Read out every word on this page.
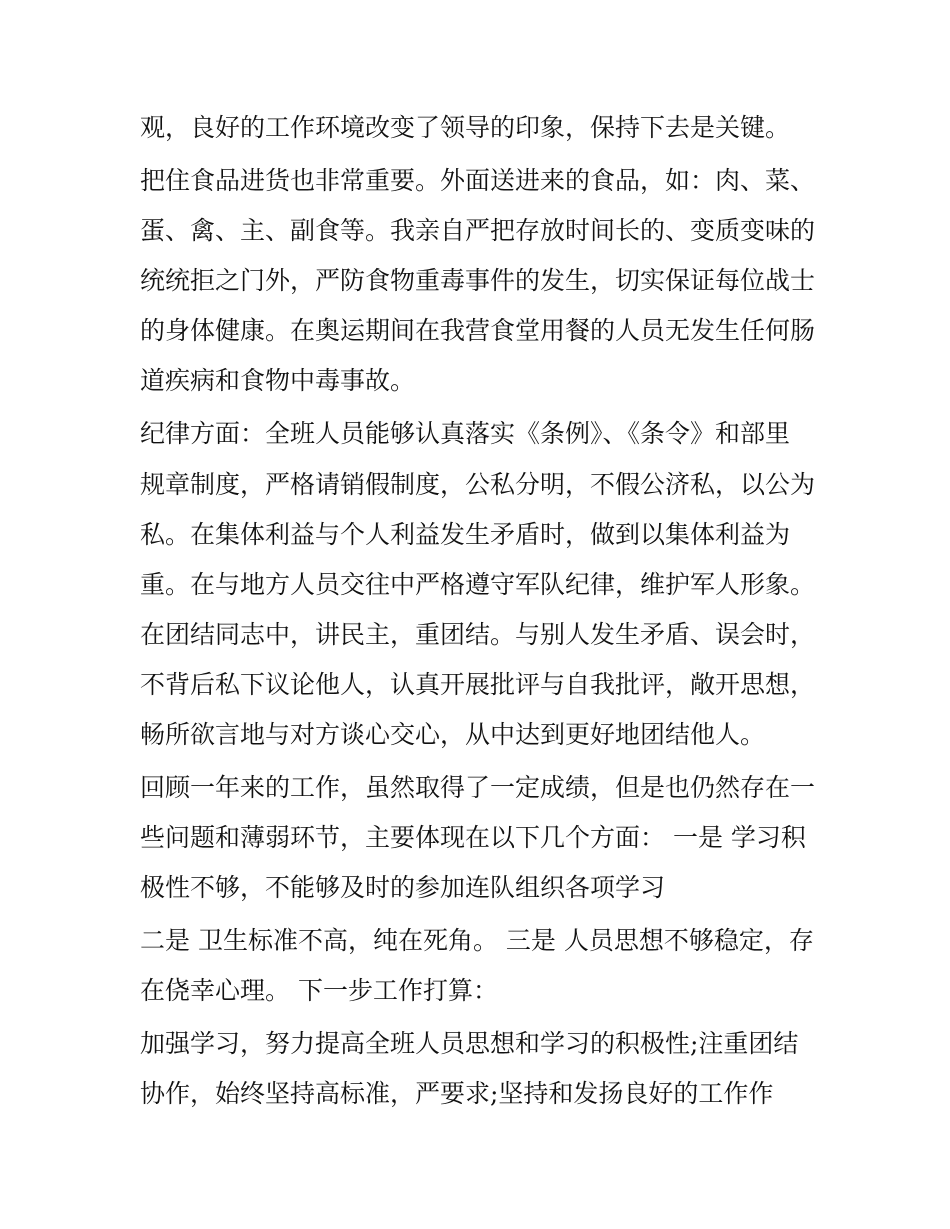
观，良好的工作环境改变了领导的印象，保持下去是关键。
把住食品进货也非常重要。外面送进来的食品，如：肉、菜、
蛋、禽、主、副食等。我亲自严把存放时间长的、变质变味的
统统拒之门外，严防食物重毒事件的发生，切实保证每位战士
的身体健康。在奥运期间在我营食堂用餐的人员无发生任何肠
道疾病和食物中毒事故。
纪律方面：全班人员能够认真落实《条例》、《条令》和部里
规章制度，严格请销假制度，公私分明，不假公济私，以公为
私。在集体利益与个人利益发生矛盾时，做到以集体利益为
重。在与地方人员交往中严格遵守军队纪律，维护军人形象。
在团结同志中，讲民主，重团结。与别人发生矛盾、误会时，
不背后私下议论他人，认真开展批评与自我批评，敞开思想，
畅所欲言地与对方谈心交心，从中达到更好地团结他人。
回顾一年来的工作，虽然取得了一定成绩，但是也仍然存在一
些问题和薄弱环节，主要体现在以下几个方面： 一是 学习积
极性不够，不能够及时的参加连队组织各项学习
二是 卫生标准不高，纯在死角。 三是 人员思想不够稳定，存
在侥幸心理。 下一步工作打算：
加强学习，努力提高全班人员思想和学习的积极性;注重团结
协作，始终坚持高标准，严要求;坚持和发扬良好的工作作
